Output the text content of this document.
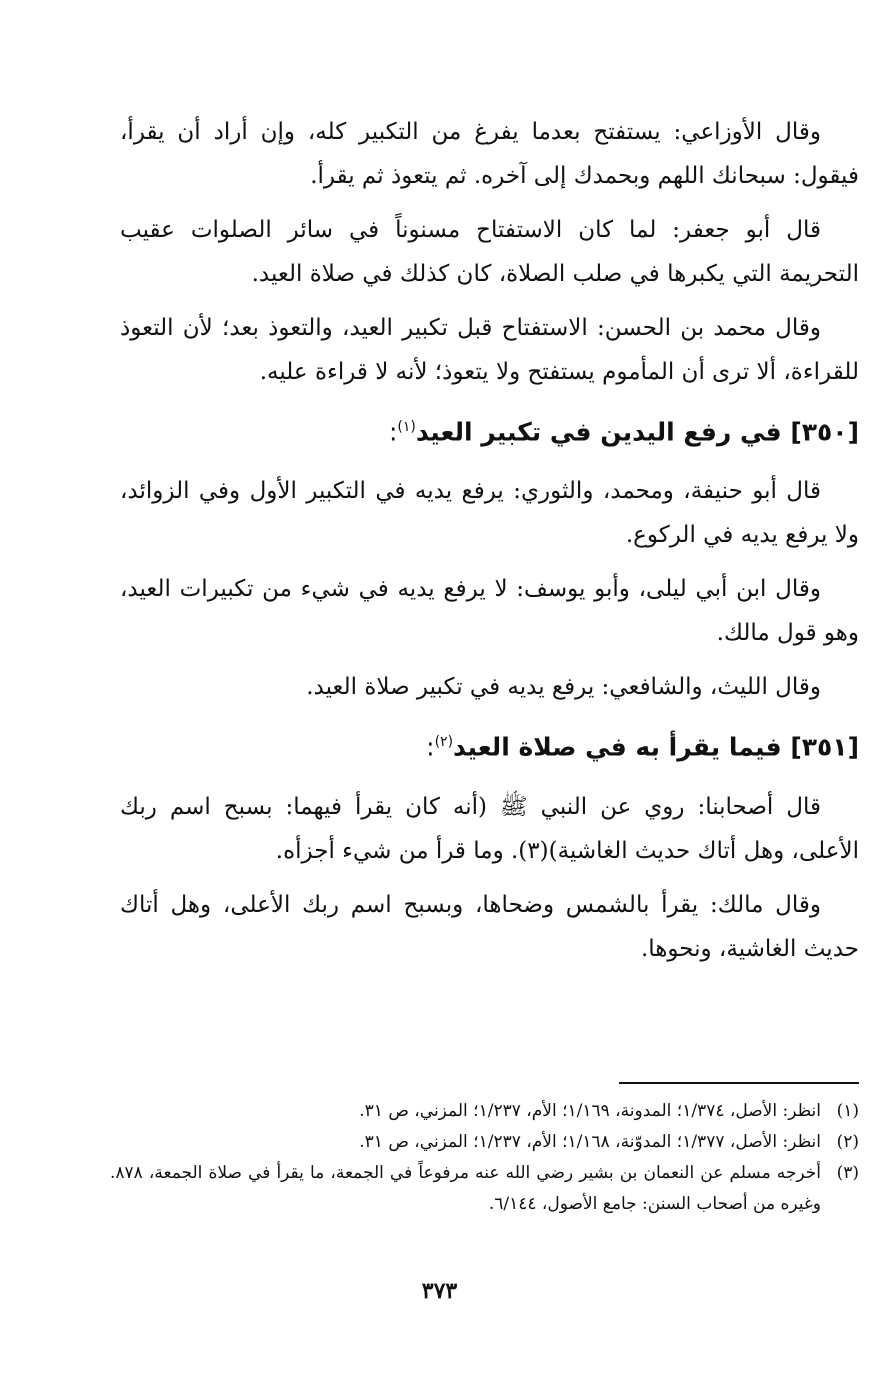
وقال الأوزاعي: يستفتح بعدما يفرغ من التكبير كله، وإن أراد أن يقرأ، فيقول: سبحانك اللهم وبحمدك إلى آخره. ثم يتعوذ ثم يقرأ.

قال أبو جعفر: لما كان الاستفتاح مسنوناً في سائر الصلوات عقيب التحريمة التي يكبرها في صلب الصلاة، كان كذلك في صلاة العيد.

وقال محمد بن الحسن: الاستفتاح قبل تكبير العيد، والتعوذ بعد؛ لأن التعوذ للقراءة، ألا ترى أن المأموم يستفتح ولا يتعوذ؛ لأنه لا قراءة عليه.

[٣٥٠] في رفع اليدين في تكبير العيد$^{(١)}$:

قال أبو حنيفة، ومحمد، والثوري: يرفع يديه في التكبير الأول وفي الزوائد، ولا يرفع يديه في الركوع.

وقال ابن أبي ليلى، وأبو يوسف: لا يرفع يديه في شيء من تكبيرات العيد، وهو قول مالك.

وقال الليث، والشافعي: يرفع يديه في تكبير صلاة العيد.

[٣٥١] فيما يقرأ به في صلاة العيد$^{(٢)}$:

قال أصحابنا: روي عن النبي ﷺ (أنه كان يقرأ فيهما: بسبح اسم ربك الأعلى، وهل أتاك حديث الغاشية)(٣). وما قرأ من شيء أجزأه.

وقال مالك: يقرأ بالشمس وضحاها، وبسبح اسم ربك الأعلى، وهل أتاك حديث الغاشية، ونحوها.

(١)
انظر: الأصل، ١/٣٧٤؛ المدونة، ١/١٦٩؛ الأم، ١/٢٣٧؛ المزني، ص ٣١.
(٢)
انظر: الأصل، ١/٣٧٧؛ المدوّنة، ١/١٦٨؛ الأم، ١/٢٣٧؛ المزني، ص ٣١.
(٣)
أخرجه مسلم عن النعمان بن بشير رضي الله عنه مرفوعاً في الجمعة، ما يقرأ في صلاة الجمعة، ٨٧٨. وغيره من أصحاب السنن: جامع الأصول، ٦/١٤٤.
٣٧٣
